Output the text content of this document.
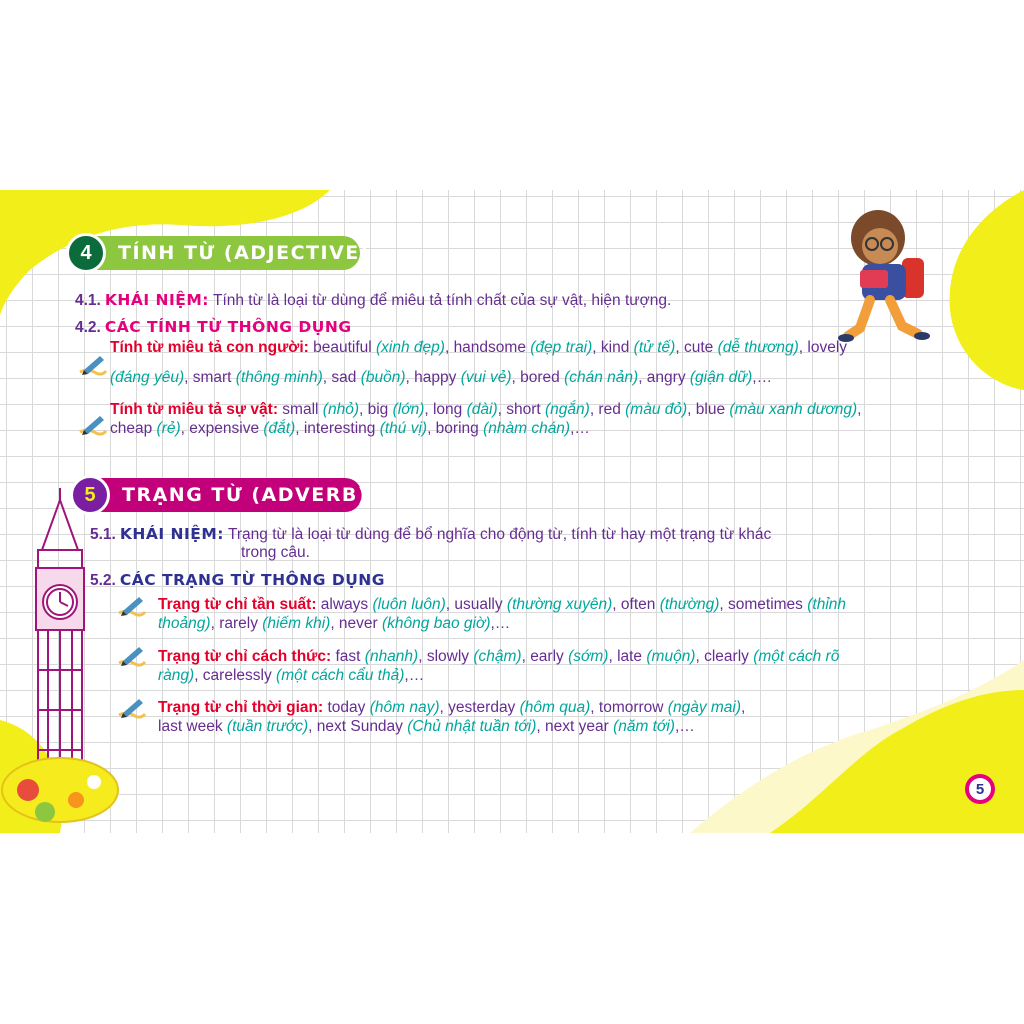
4	TÍNH TỪ (ADJECTIVE)
4.1. KHÁI NIỆM: Tính từ là loại từ dùng để miêu tả tính chất của sự vật, hiện tượng.
4.2. CÁC TÍNH TỪ THÔNG DỤNG
Tính từ miêu tả con người: beautiful (xinh đẹp), handsome (đẹp trai), kind (tử tế), cute (dễ thương), lovely
(đáng yêu), smart (thông minh), sad (buồn), happy (vui vẻ), bored (chán nản), angry (giận dữ),…
Tính từ miêu tả sự vật: small (nhỏ), big (lớn), long (dài), short (ngắn), red (màu đỏ), blue (màu xanh dương),
cheap (rẻ), expensive (đắt), interesting (thú vị), boring (nhàm chán),…
5	TRẠNG TỪ (ADVERB)
5.1. KHÁI NIỆM: Trạng từ là loại từ dùng để bổ nghĩa cho động từ, tính từ hay một trạng từ khác
trong câu.
5.2. CÁC TRẠNG TỪ THÔNG DỤNG
Trạng từ chỉ tần suất: always (luôn luôn), usually (thường xuyên), often (thường), sometimes (thỉnh
thoảng), rarely (hiếm khi), never (không bao giờ),…
Trạng từ chỉ cách thức: fast (nhanh), slowly (chậm), early (sớm), late (muộn), clearly (một cách rõ
ràng), carelessly (một cách cẩu thả),…
Trạng từ chỉ thời gian: today (hôm nay), yesterday (hôm qua), tomorrow (ngày mai),
last week (tuần trước), next Sunday (Chủ nhật tuần tới), next year (năm tới),…
5
